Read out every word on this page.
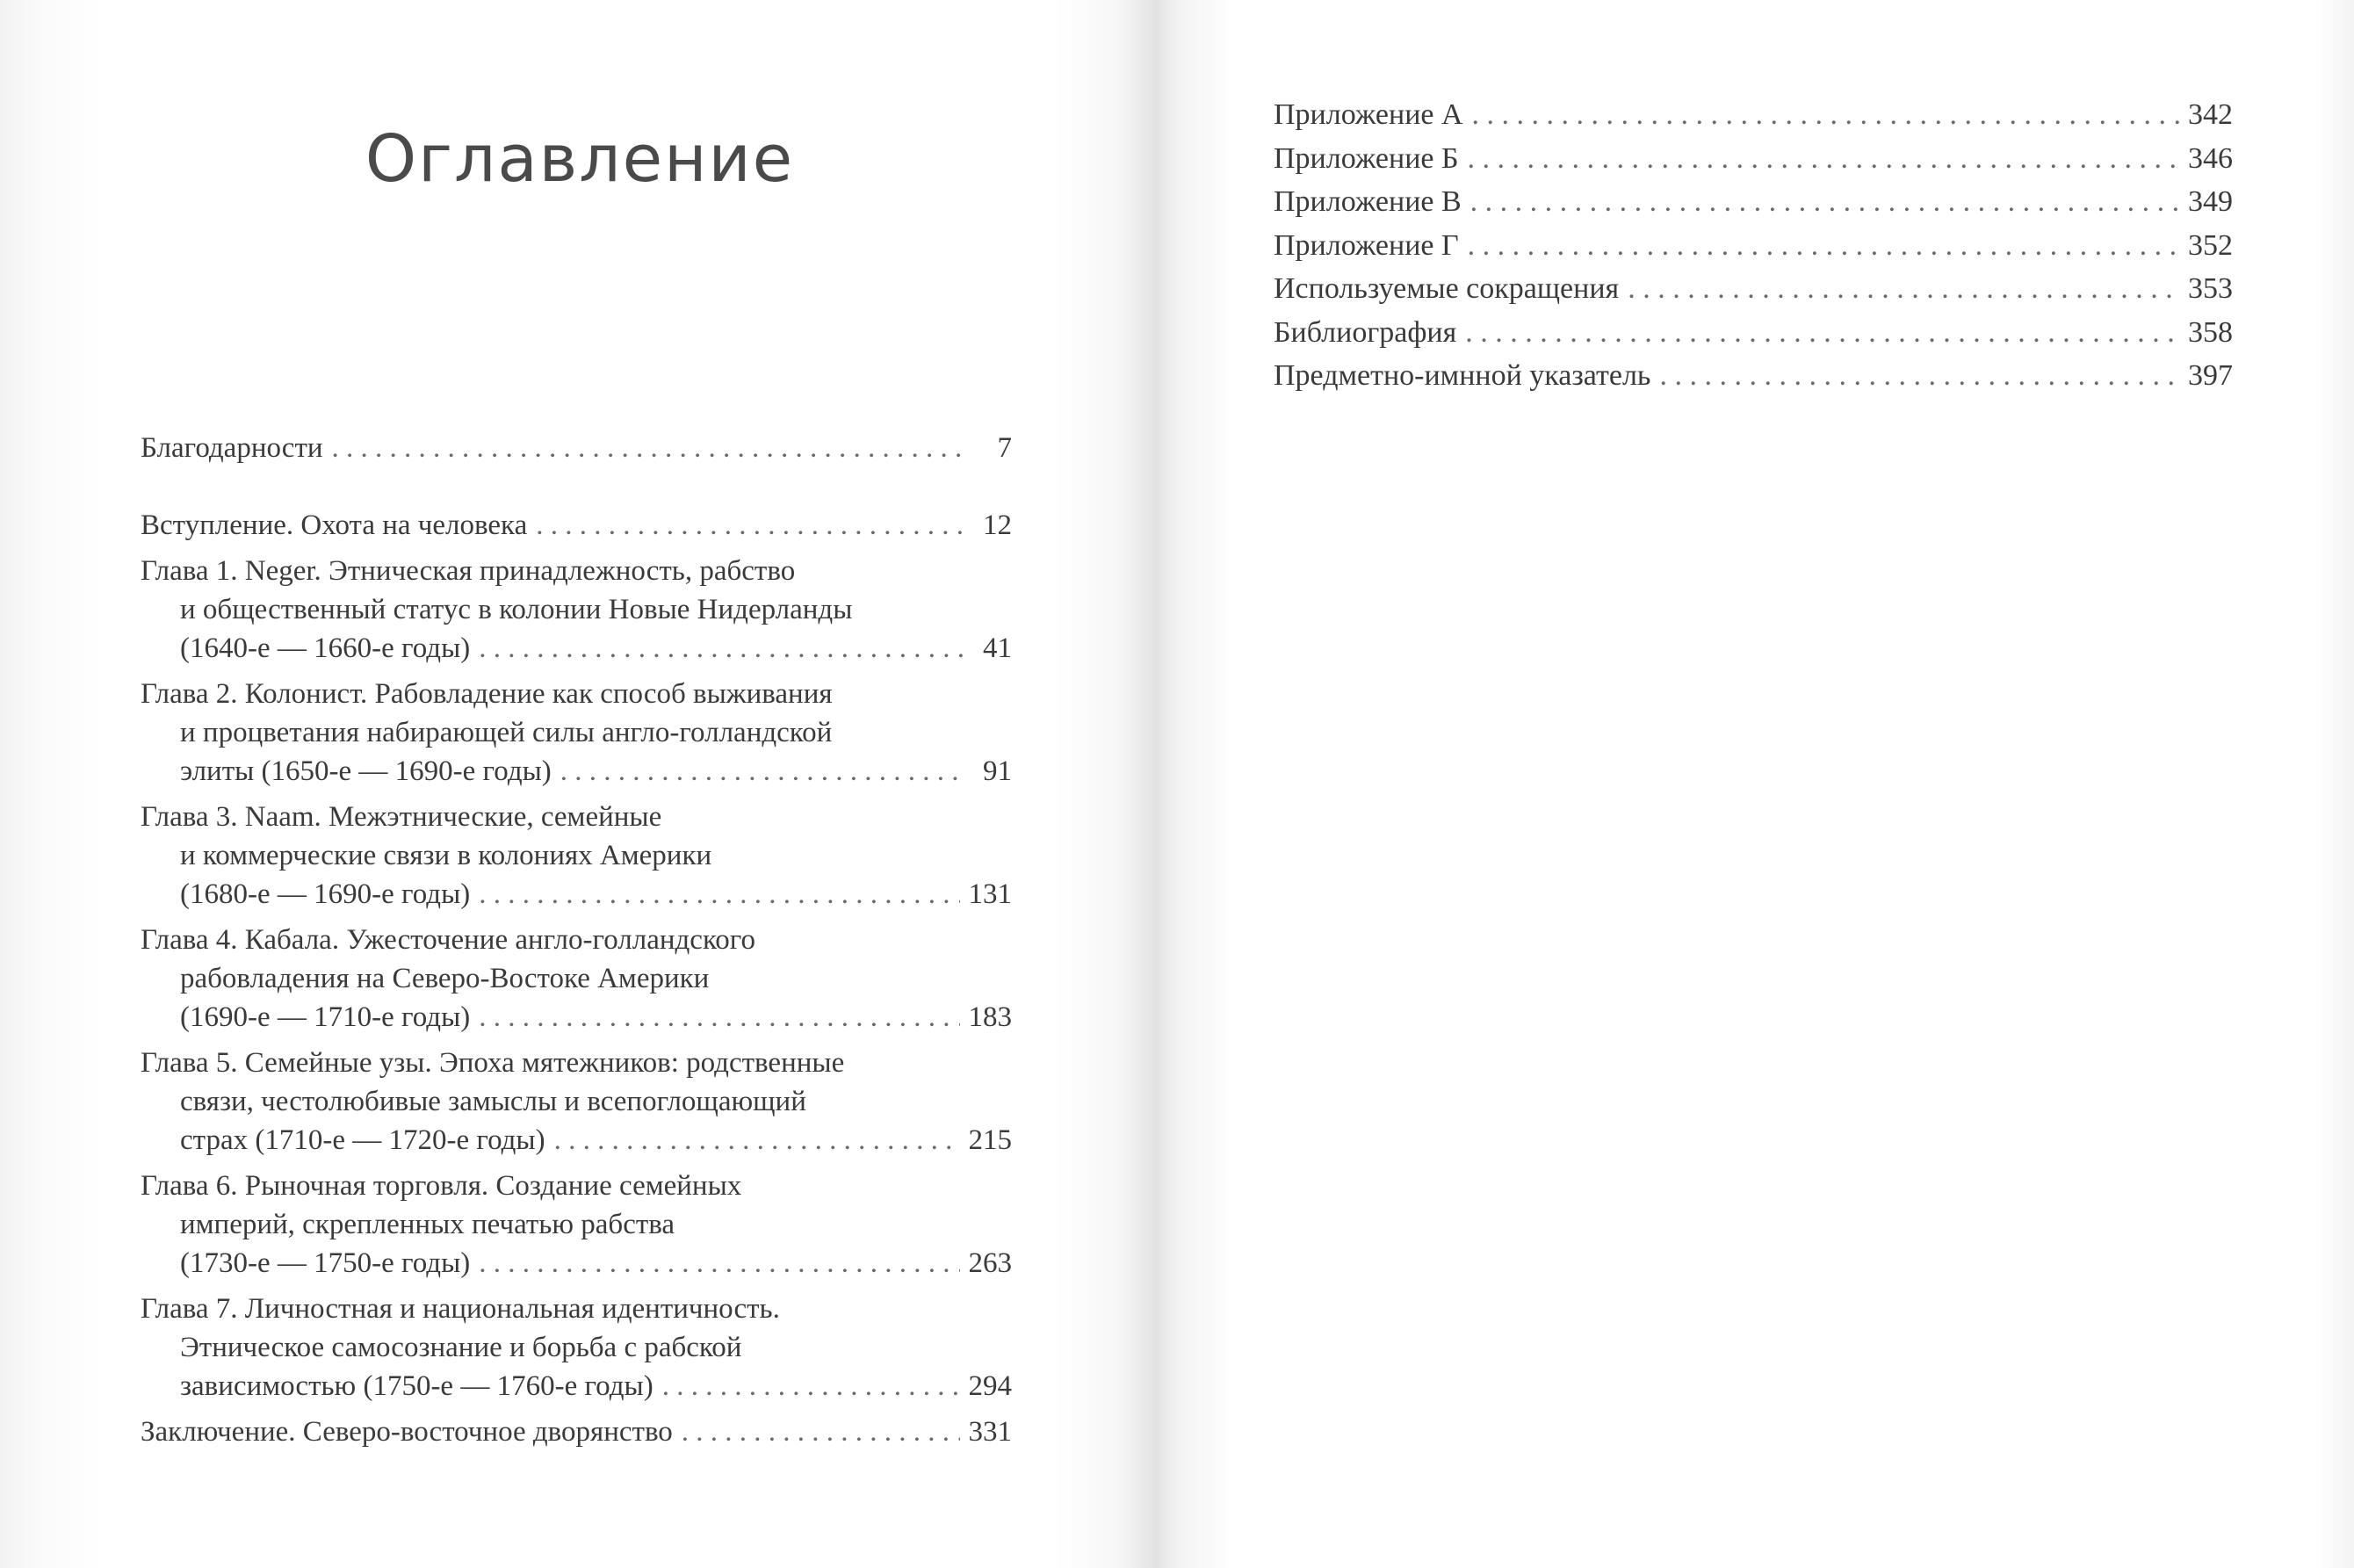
Оглавление
Благодарности . . .	7
Вступление. Охота на человека . . .	12
Глава 1. Neger. Этническая принадлежность, рабство
и общественный статус в колонии Новые Нидерланды
(1640-е — 1660-е годы) . . .	41
Глава 2. Колонист. Рабовладение как способ выживания
и процветания набирающей силы англо-голландской
элиты (1650-е — 1690-е годы) . . .	91
Глава 3. Naam. Межэтнические, семейные
и коммерческие связи в колониях Америки
(1680-е — 1690-е годы) . . .	131
Глава 4. Кабала. Ужесточение англо-голландского
рабовладения на Северо-Востоке Америки
(1690-е — 1710-е годы) . . .	183
Глава 5. Семейные узы. Эпоха мятежников: родственные
связи, честолюбивые замыслы и всепоглощающий
страх (1710-е — 1720-е годы) . . .	215
Глава 6. Рыночная торговля. Создание семейных
империй, скрепленных печатью рабства
(1730-е — 1750-е годы) . . .	263
Глава 7. Личностная и национальная идентичность.
Этническое самосознание и борьба с рабской
зависимостью (1750-е — 1760-е годы) . . .	294
Заключение. Северо-восточное дворянство . . .	331
Приложение А . . .	342
Приложение Б . . .	346
Приложение В . . .	349
Приложение Г . . .	352
Используемые сокращения . . .	353
Библиография . . .	358
Предметно-имнной указатель . . .	397
